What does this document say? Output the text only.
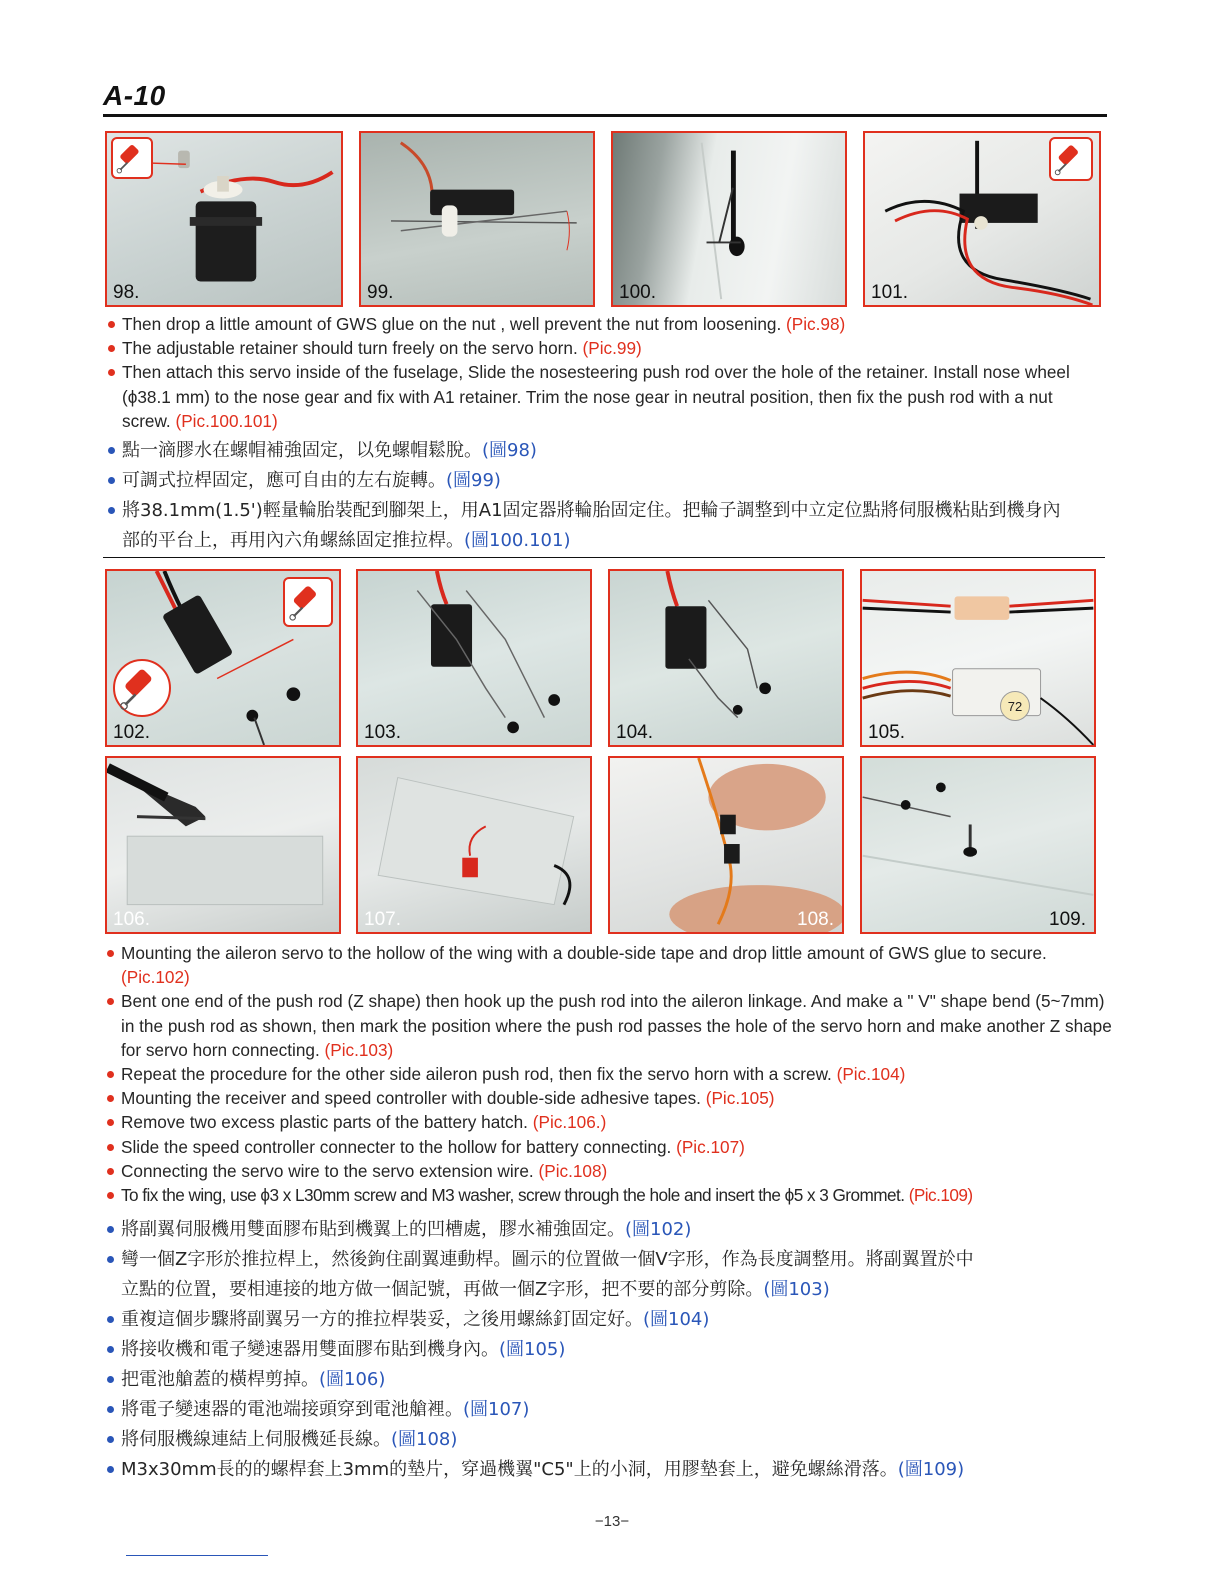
A-10
98.	99.	100.	101.
Then drop a little amount of GWS glue on the nut , well prevent the nut from loosening. (Pic.98)
The adjustable retainer should turn freely on the servo horn. (Pic.99)
Then attach this servo inside of the fuselage, Slide the nosesteering push rod over the hole of the retainer. Install nose wheel (ϕ38.1 mm) to the nose gear and fix with A1 retainer. Trim the nose gear in neutral position, then fix the push rod with a nut screw. (Pic.100.101)
點一滴膠水在螺帽補強固定，以免螺帽鬆脫。(圖98)
可調式拉桿固定，應可自由的左右旋轉。(圖99)
將38.1mm(1.5')輕量輪胎裝配到腳架上，用A1固定器將輪胎固定住。把輪子調整到中立定位點將伺服機粘貼到機身內部的平台上，再用內六角螺絲固定推拉桿。(圖100.101)
102.	103.	104.
72
105.
106.	107.	108.	109.
Mounting the aileron servo to the hollow of the wing with a double-side tape and drop little amount of GWS glue to secure. (Pic.102)
Bent one end of the push rod (Z shape) then hook up the push rod into the aileron linkage. And make a " V" shape bend (5~7mm) in the push rod as shown, then mark the position where the push rod passes the hole of the servo horn and make another Z shape for servo horn connecting. (Pic.103)
Repeat the procedure for the other side aileron push rod, then fix the servo horn with a screw. (Pic.104)
Mounting the receiver and speed controller with double-side adhesive tapes. (Pic.105)
Remove two excess plastic parts of the battery hatch. (Pic.106.)
Slide the speed controller connecter to the hollow for battery connecting. (Pic.107)
Connecting the servo wire to the servo extension wire. (Pic.108)
To fix the wing, use ϕ3 x L30mm screw and M3 washer, screw through the hole and insert the ϕ5 x 3 Grommet. (Pic.109)
將副翼伺服機用雙面膠布貼到機翼上的凹槽處，膠水補強固定。(圖102)
彎一個Z字形於推拉桿上，然後鉤住副翼連動桿。圖示的位置做一個V字形，作為長度調整用。將副翼置於中立點的位置，要相連接的地方做一個記號，再做一個Z字形，把不要的部分剪除。(圖103)
重複這個步驟將副翼另一方的推拉桿裝妥，之後用螺絲釘固定好。(圖104)
將接收機和電子變速器用雙面膠布貼到機身內。(圖105)
把電池艙蓋的橫桿剪掉。(圖106)
將電子變速器的電池端接頭穿到電池艙裡。(圖107)
將伺服機線連結上伺服機延長線。(圖108)
M3x30mm長的的螺桿套上3mm的墊片，穿過機翼"C5"上的小洞，用膠墊套上，避免螺絲滑落。(圖109)
−13−
